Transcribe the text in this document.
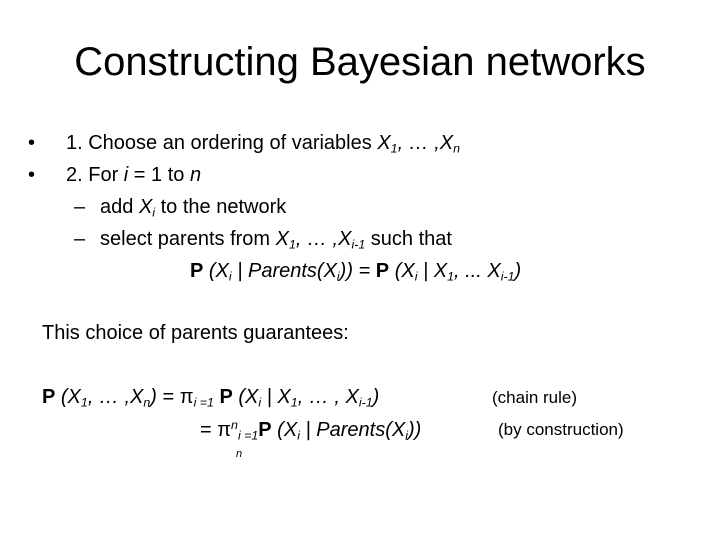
Constructing Bayesian networks
• 1. Choose an ordering of variables $X_1$, … $,X_n$
• 2. For i = 1 to n
– add $X_i$ to the network
– select parents from $X_1$, … $,X_{i-1}$ such that
P ($X_i$ | $Parents(X_i)) = P$ ($X_i$ | $X_1$, ... $X_{i-1}$)
This choice of parents guarantees:
P ($X_1$, … $,X_n) = \pi_{i =1}$ P ($X_i$ | $X_1$, … , $X_{i-1}$)	(chain rule)
= $\pi^n_{i =1}P$ ($X_i$ | $Parents(X_i)$)	(by construction)
n
